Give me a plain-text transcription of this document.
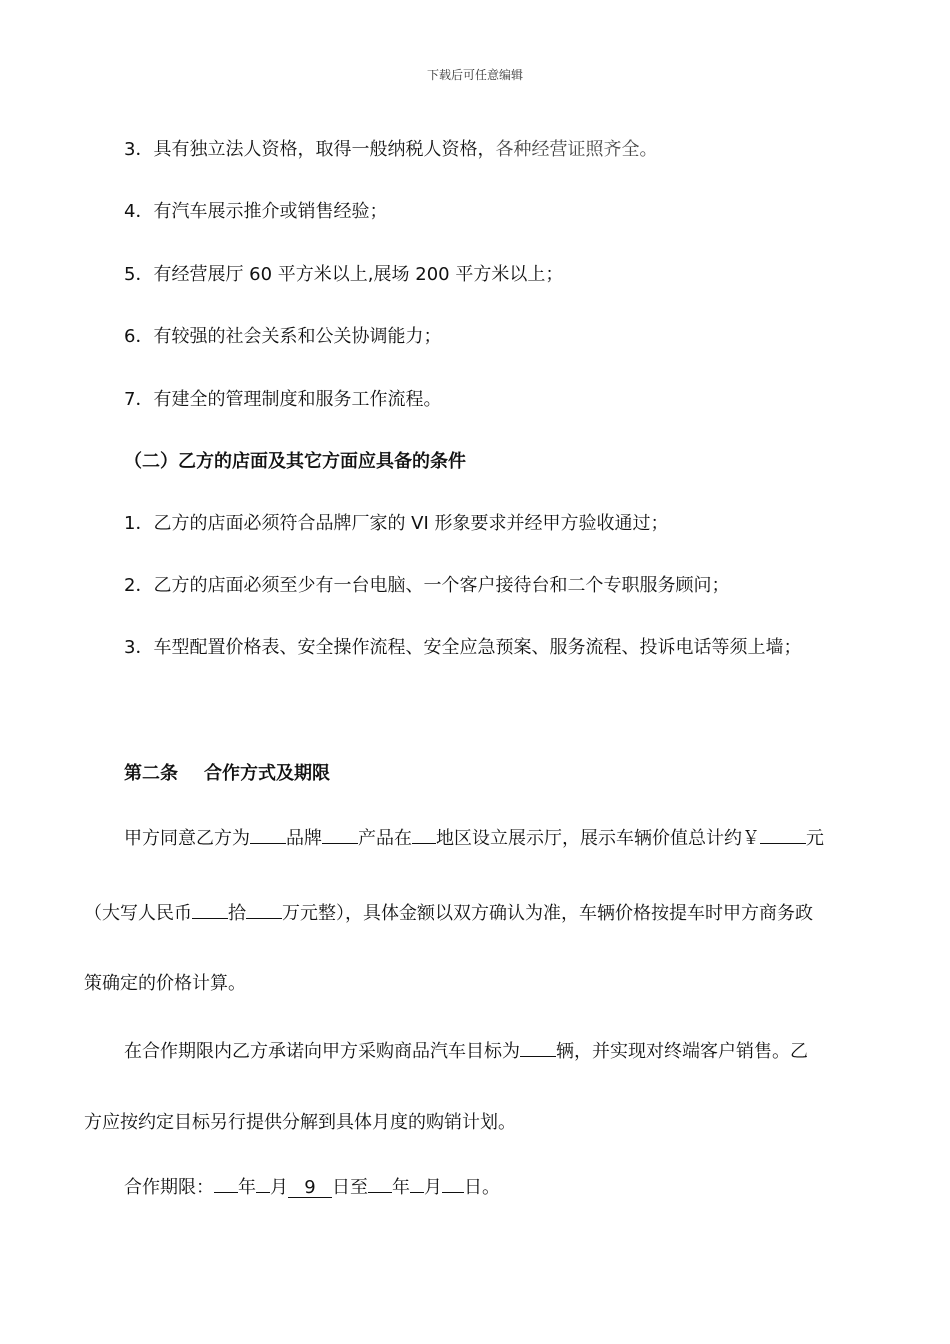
下载后可任意编辑
3．具有独立法人资格，取得一般纳税人资格，各种经营证照齐全。
4．有汽车展示推介或销售经验；
5．有经营展厅 60 平方米以上,展场 200 平方米以上；
6．有较强的社会关系和公关协调能力；
7．有建全的管理制度和服务工作流程。
（二）乙方的店面及其它方面应具备的条件
1．乙方的店面必须符合品牌厂家的 VI 形象要求并经甲方验收通过；
2．乙方的店面必须至少有一台电脑、一个客户接待台和二个专职服务顾问；
3．车型配置价格表、安全操作流程、安全应急预案、服务流程、投诉电话等须上墙；
第二条 合作方式及期限
甲方同意乙方为 品牌 产品在 地区设立展示厅，展示车辆价值总计约￥	元
（大写人民币 拾 万元整），具体金额以双方确认为准，车辆价格按提车时甲方商务政
策确定的价格计算。
在合作期限内乙方承诺向甲方采购商品汽车目标为 辆，并实现对终端客户销售。乙
方应按约定目标另行提供分解到具体月度的购销计划。
合作期限： 年 月 9 日至 年 月 日。
